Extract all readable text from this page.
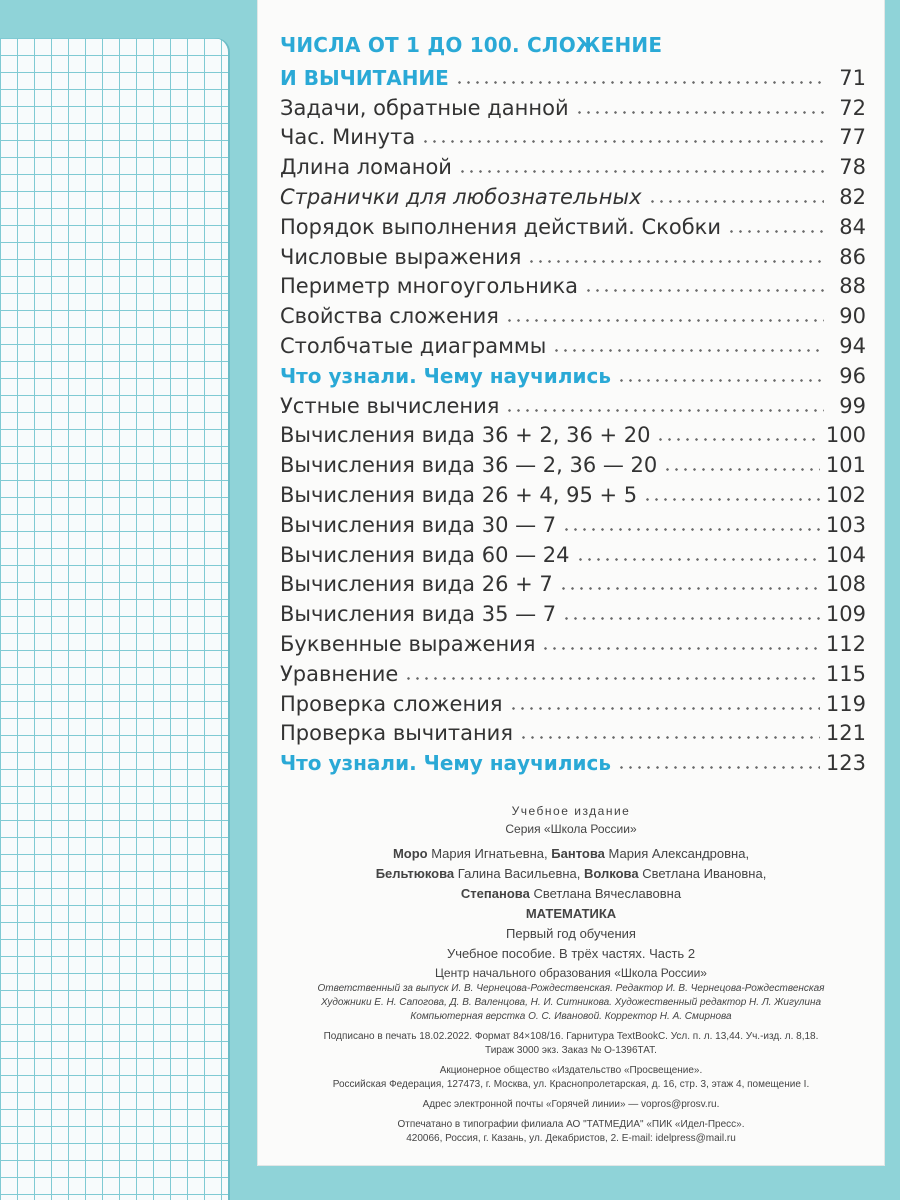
ЧИСЛА ОТ 1 ДО 100. СЛОЖЕНИЕ
И ВЫЧИТАНИЕ	71
Задачи, обратные данной	72
Час. Минута	77
Длина ломаной	78
Странички для любознательных	82
Порядок выполнения действий. Скобки	84
Числовые выражения	86
Периметр многоугольника	88
Свойства сложения	90
Столбчатые диаграммы	94
Что узнали. Чему научились	96
Устные вычисления	99
Вычисления вида 36 + 2, 36 + 20	100
Вычисления вида 36 — 2, 36 — 20	101
Вычисления вида 26 + 4, 95 + 5	102
Вычисления вида 30 — 7	103
Вычисления вида 60 — 24	104
Вычисления вида 26 + 7	108
Вычисления вида 35 — 7	109
Буквенные выражения	112
Уравнение	115
Проверка сложения	119
Проверка вычитания	121
Что узнали. Чему научились	123
Учебное издание
Серия «Школа России»
Моро Мария Игнатьевна, Бантова Мария Александровна,
Бельтюкова Галина Васильевна, Волкова Светлана Ивановна,
Степанова Светлана Вячеславовна
МАТЕМАТИКА
Первый год обучения
Учебное пособие. В трёх частях. Часть 2
Центр начального образования «Школа России»
Ответственный за выпуск И. В. Чернецова-Рождественская. Редактор И. В. Чернецова-Рождественская
Художники Е. Н. Сапогова, Д. В. Валенцова, Н. И. Ситникова. Художественный редактор Н. Л. Жигулина
Компьютерная верстка О. С. Ивановой. Корректор Н. А. Смирнова
Подписано в печать 18.02.2022. Формат 84×108/16. Гарнитура TextBookC. Усл. п. л. 13,44. Уч.-изд. л. 8,18.
Тираж 3000 экз. Заказ № О-1396ТАТ.
Акционерное общество «Издательство «Просвещение».
Российская Федерация, 127473, г. Москва, ул. Краснопролетарская, д. 16, стр. 3, этаж 4, помещение I.
Адрес электронной почты «Горячей линии» — vopros@prosv.ru.
Отпечатано в типографии филиала АО "ТАТМЕДИА" «ПИК «Идел-Пресс».
420066, Россия, г. Казань, ул. Декабристов, 2. E-mail: idelpress@mail.ru
